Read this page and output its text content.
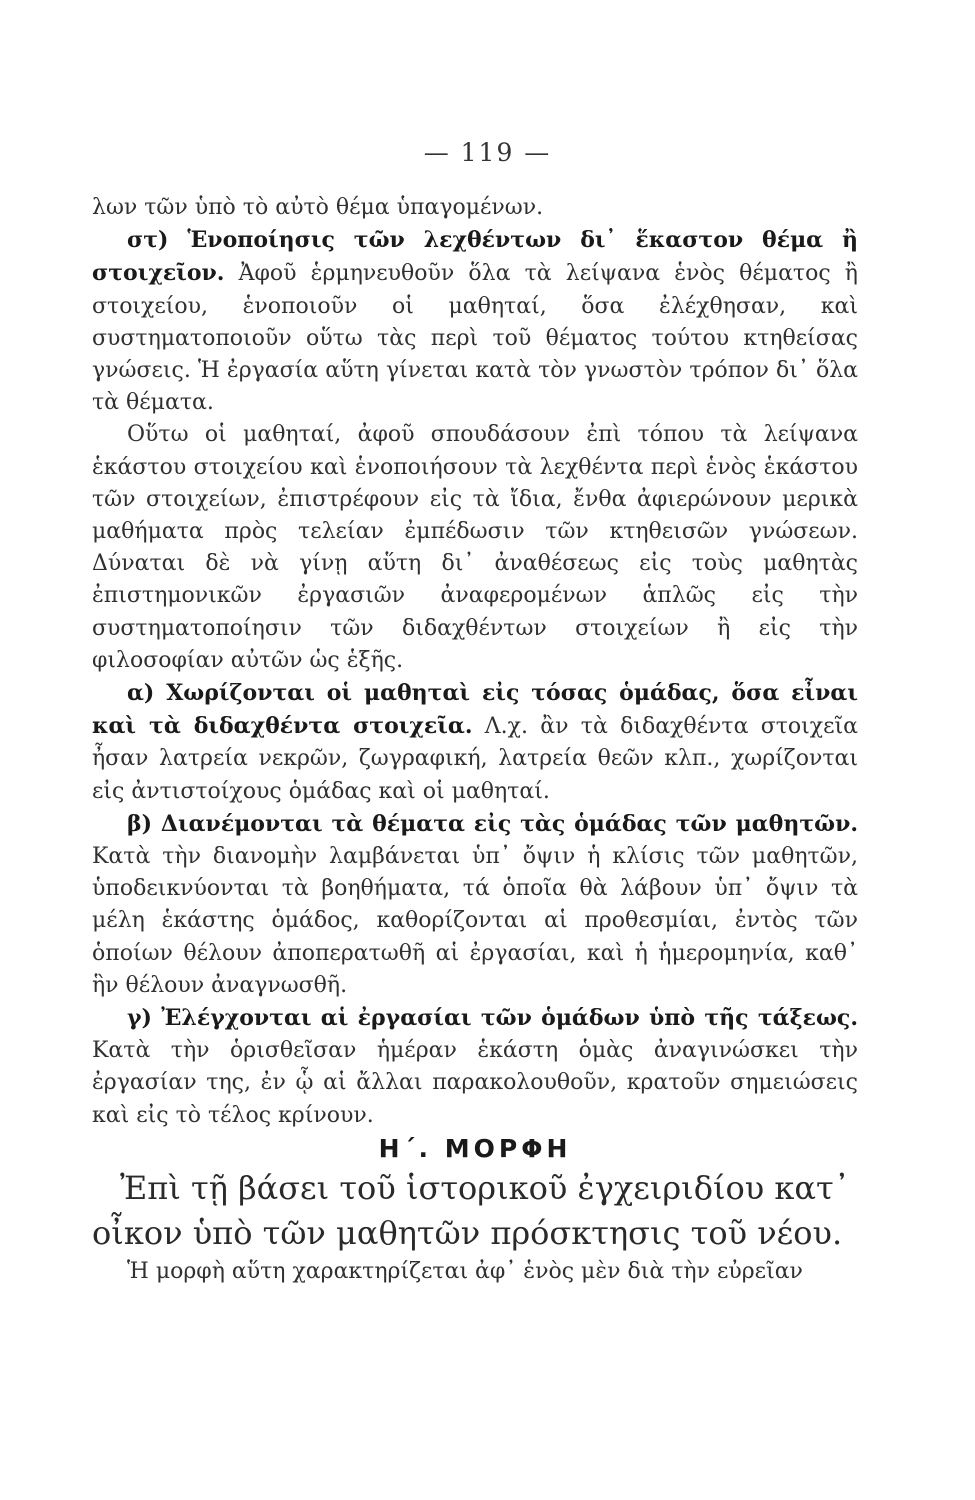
— 119 —

λων τῶν ὑπὸ τὸ αὐτὸ θέμα ὑπαγομένων.

στ) Ἑνοποίησις τῶν λεχθέντων δι᾿ ἕκαστον θέμα ἢ στοιχεῖον. Ἀφοῦ ἑρμηνευθοῦν ὅλα τὰ λείψανα ἑνὸς θέματος ἢ στοιχείου, ἑνοποιοῦν οἱ μαθηταί, ὅσα ἐλέχθησαν, καὶ συστηματοποιοῦν οὕτω τὰς περὶ τοῦ θέματος τούτου κτηθείσας γνώσεις. Ἡ ἐργασία αὕτη γίνεται κατὰ τὸν γνωστὸν τρόπον δι᾿ ὅλα τὰ θέματα.

Οὕτω οἱ μαθηταί, ἀφοῦ σπουδάσουν ἐπὶ τόπου τὰ λείψανα ἑκάστου στοιχείου καὶ ἑνοποιήσουν τὰ λεχθέντα περὶ ἑνὸς ἑκάστου τῶν στοιχείων, ἐπιστρέφουν εἰς τὰ ἴδια, ἔνθα ἀφιερώνουν μερικὰ μαθήματα πρὸς τελείαν ἐμπέδωσιν τῶν κτηθεισῶν γνώσεων. Δύναται δὲ νὰ γίνῃ αὕτη δι᾿ ἀναθέσεως εἰς τοὺς μαθητὰς ἐπιστημονικῶν ἐργασιῶν ἀναφερομένων ἁπλῶς εἰς τὴν συστηματοποίησιν τῶν διδαχθέντων στοιχείων ἢ εἰς τὴν φιλοσοφίαν αὐτῶν ὡς ἑξῆς.

α) Χωρίζονται οἱ μαθηταὶ εἰς τόσας ὁμάδας, ὅσα εἶναι καὶ τὰ διδαχθέντα στοιχεῖα. Λ.χ. ἂν τὰ διδαχθέντα στοιχεῖα ἦσαν λατρεία νεκρῶν, ζωγραφική, λατρεία θεῶν κλπ., χωρίζονται εἰς ἀντιστοίχους ὁμάδας καὶ οἱ μαθηταί.

β) Διανέμονται τὰ θέματα εἰς τὰς ὁμάδας τῶν μαθητῶν. Κατὰ τὴν διανομὴν λαμβάνεται ὑπ᾿ ὄψιν ἡ κλίσις τῶν μαθητῶν, ὑποδεικνύονται τὰ βοηθήματα, τά ὁποῖα θὰ λάβουν ὑπ᾿ ὄψιν τὰ μέλη ἑκάστης ὁμάδος, καθορίζονται αἱ προθεσμίαι, ἐντὸς τῶν ὁποίων θέλουν ἀποπερατωθῆ αἱ ἐργασίαι, καὶ ἡ ἡμερομηνία, καθ᾿ ἣν θέλουν ἀναγνωσθῆ.

γ) Ἐλέγχονται αἱ ἐργασίαι τῶν ὁμάδων ὑπὸ τῆς τάξεως. Κατὰ τὴν ὁρισθεῖσαν ἡμέραν ἑκάστη ὁμὰς ἀναγινώσκει τὴν ἐργασίαν της, ἐν ᾧ αἱ ἄλλαι παρακολουθοῦν, κρατοῦν σημειώσεις καὶ εἰς τὸ τέλος κρίνουν.

Η΄. ΜΟΡΦΗ

Ἐπὶ τῇ βάσει τοῦ ἱστορικοῦ ἐγχειριδίου κατ᾿ οἶκον ὑπὸ τῶν μαθητῶν πρόσκτησις τοῦ νέου.

Ἡ μορφὴ αὕτη χαρακτηρίζεται ἀφ᾿ ἑνὸς μὲν διὰ τὴν εὐρεῖαν
